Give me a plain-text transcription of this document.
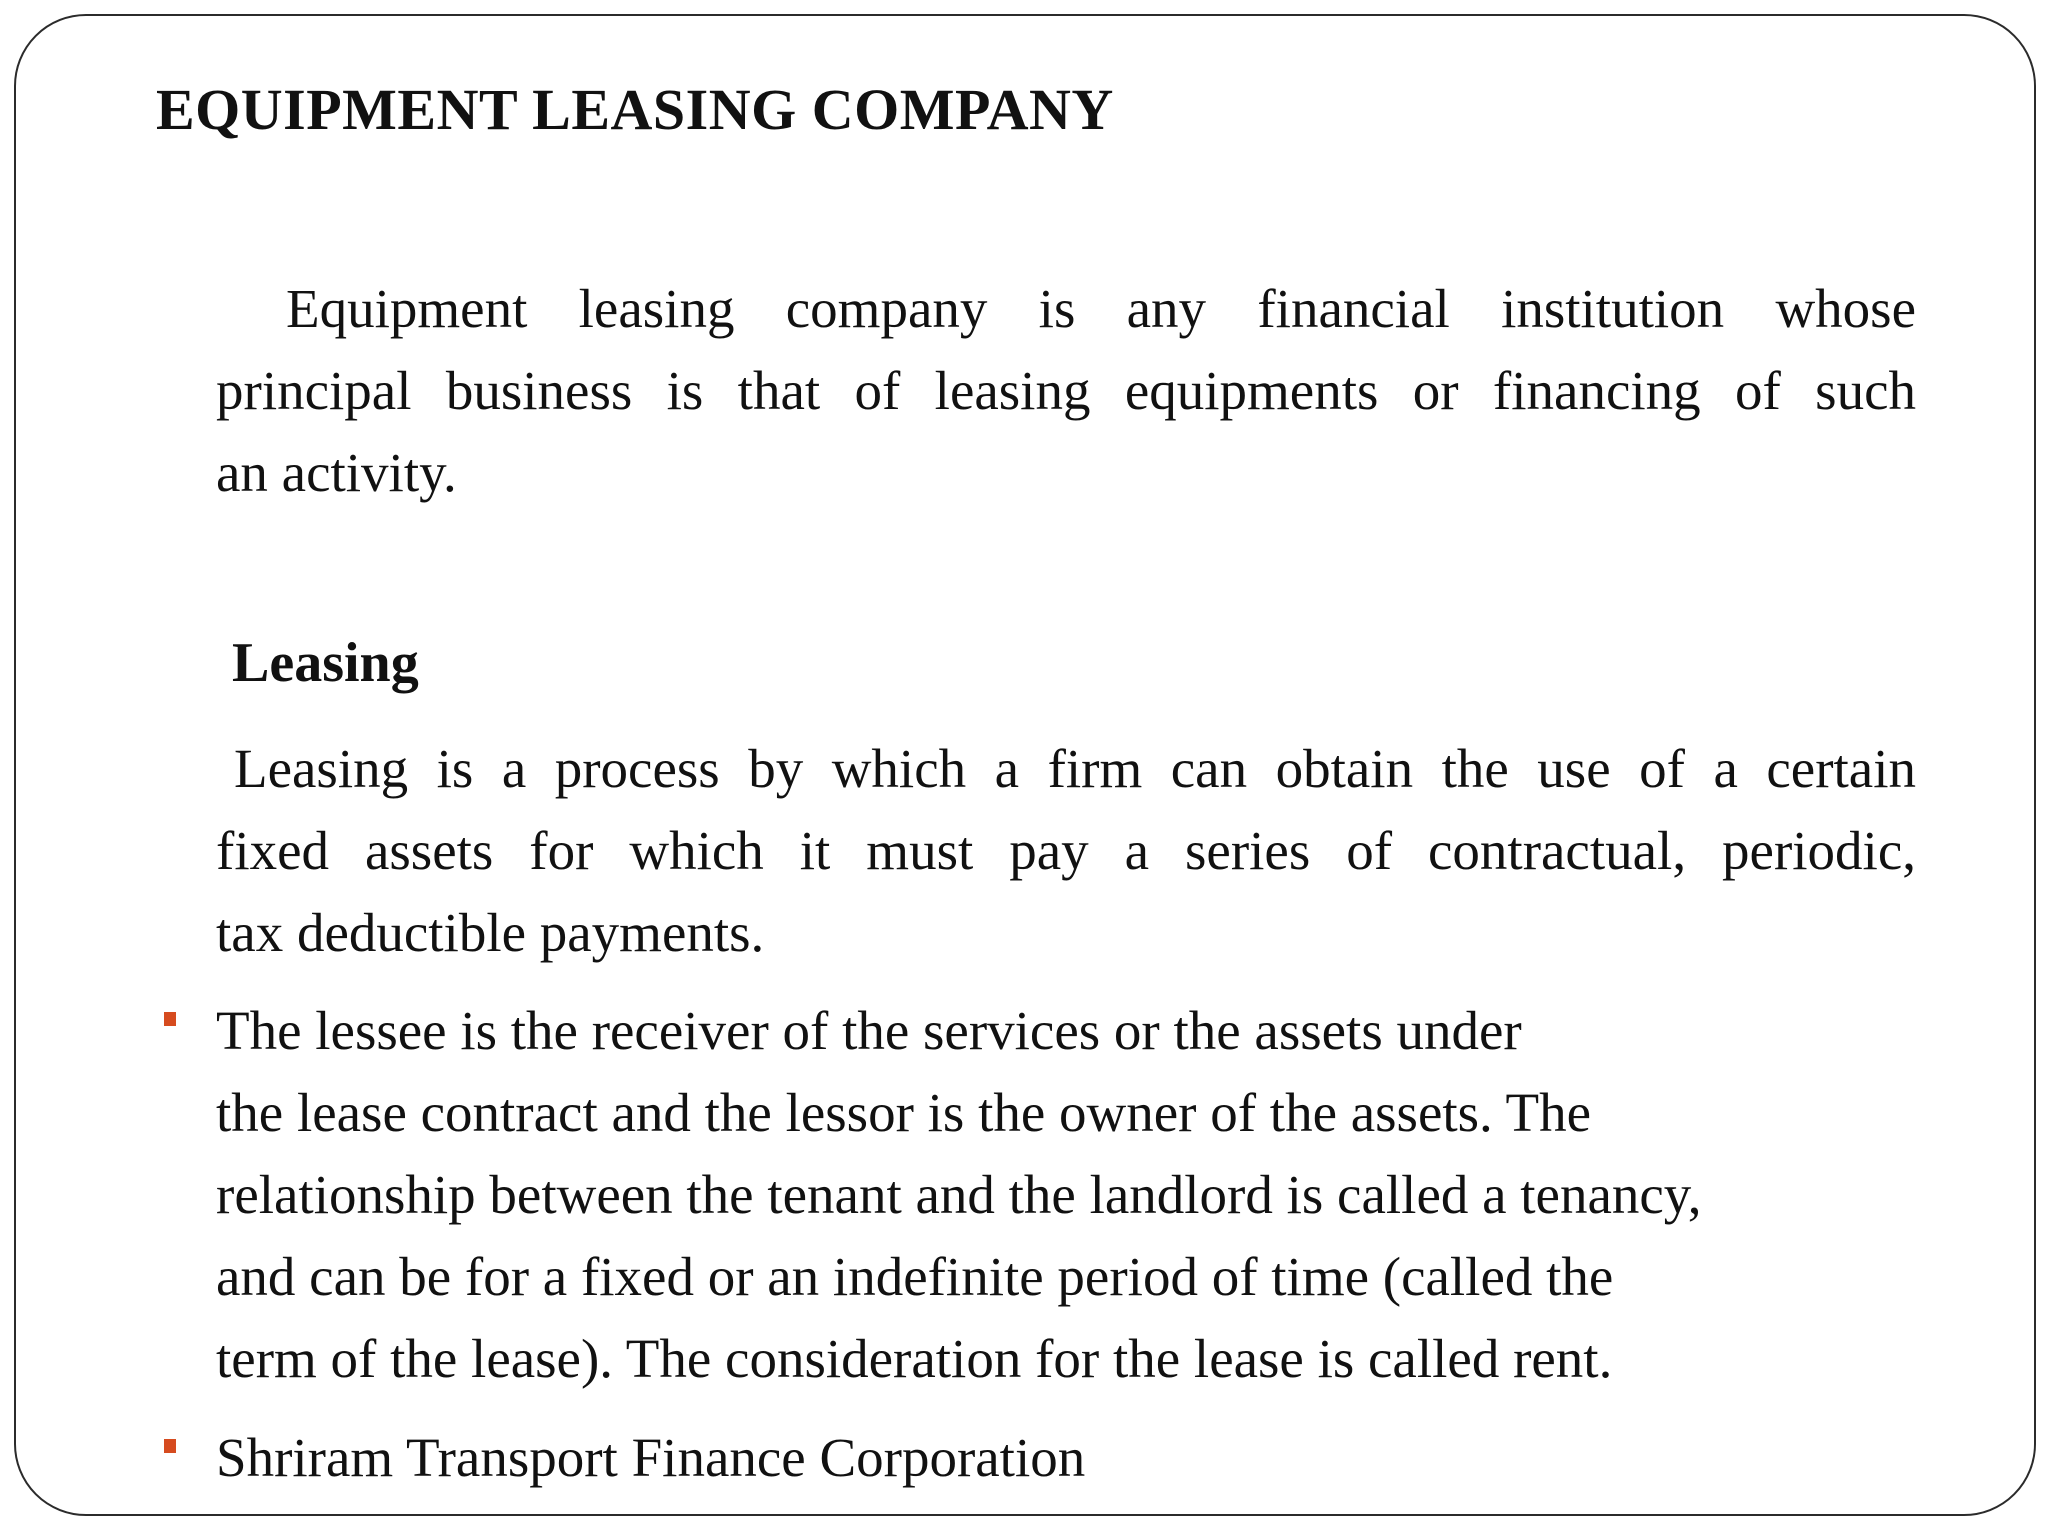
EQUIPMENT LEASING COMPANY

Equipment leasing company is any financial institution whose
principal business is that of leasing equipments or financing of such
an activity.

Leasing

Leasing is a process by which a firm can obtain the use of a certain
fixed assets for which it must pay a series of contractual, periodic,
tax deductible payments.

The lessee is the receiver of the services or the assets under
the lease contract and the lessor is the owner of the assets. The
relationship between the tenant and the landlord is called a tenancy,
and can be for a fixed or an indefinite period of time (called the
term of the lease). The consideration for the lease is called rent.
Shriram Transport Finance Corporation
